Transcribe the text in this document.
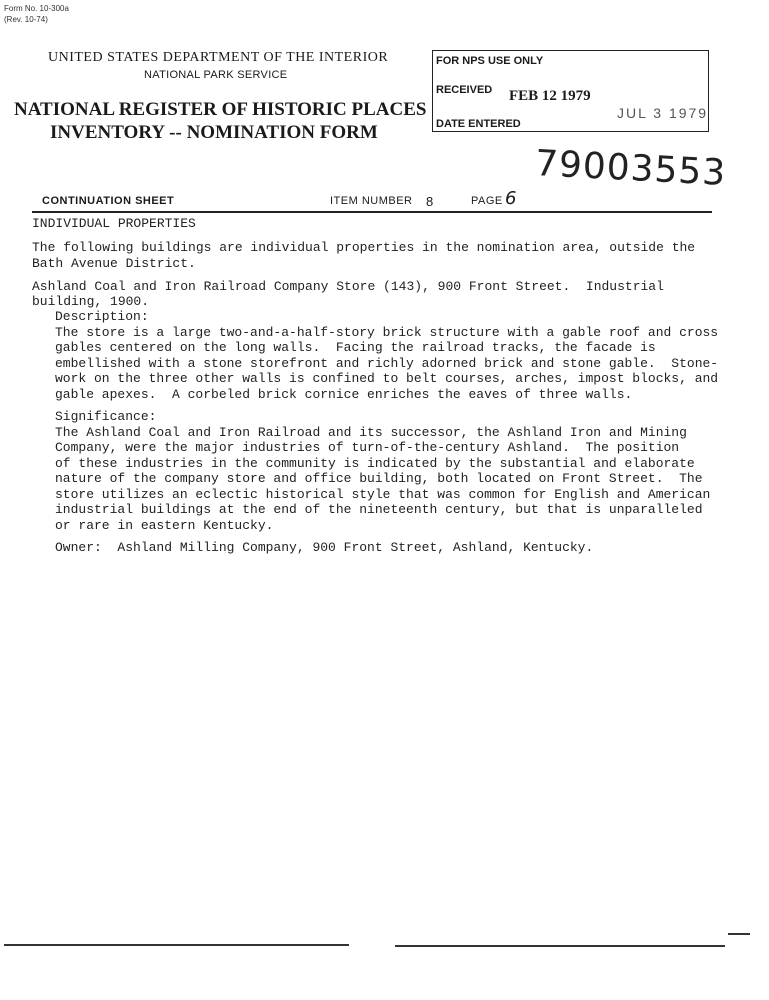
Form No. 10-300a
(Rev. 10-74)
UNITED STATES DEPARTMENT OF THE INTERIOR
NATIONAL PARK SERVICE
NATIONAL REGISTER OF HISTORIC PLACES
INVENTORY -- NOMINATION FORM
FOR NPS USE ONLY
RECEIVED FEB 12 1979
JUL 3 1979
DATE ENTERED
79003553
CONTINUATION SHEET	ITEM NUMBER 8	PAGE 6
INDIVIDUAL PROPERTIES
The following buildings are individual properties in the nomination area, outside the
Bath Avenue District.
Ashland Coal and Iron Railroad Company Store (143), 900 Front Street.  Industrial
building, 1900.
Description:
The store is a large two-and-a-half-story brick structure with a gable roof and cross
gables centered on the long walls.  Facing the railroad tracks, the facade is
embellished with a stone storefront and richly adorned brick and stone gable.  Stone-
work on the three other walls is confined to belt courses, arches, impost blocks, and
gable apexes.  A corbeled brick cornice enriches the eaves of three walls.
Significance:
The Ashland Coal and Iron Railroad and its successor, the Ashland Iron and Mining
Company, were the major industries of turn-of-the-century Ashland.  The position
of these industries in the community is indicated by the substantial and elaborate
nature of the company store and office building, both located on Front Street.  The
store utilizes an eclectic historical style that was common for English and American
industrial buildings at the end of the nineteenth century, but that is unparalleled
or rare in eastern Kentucky.
Owner:  Ashland Milling Company, 900 Front Street, Ashland, Kentucky.
